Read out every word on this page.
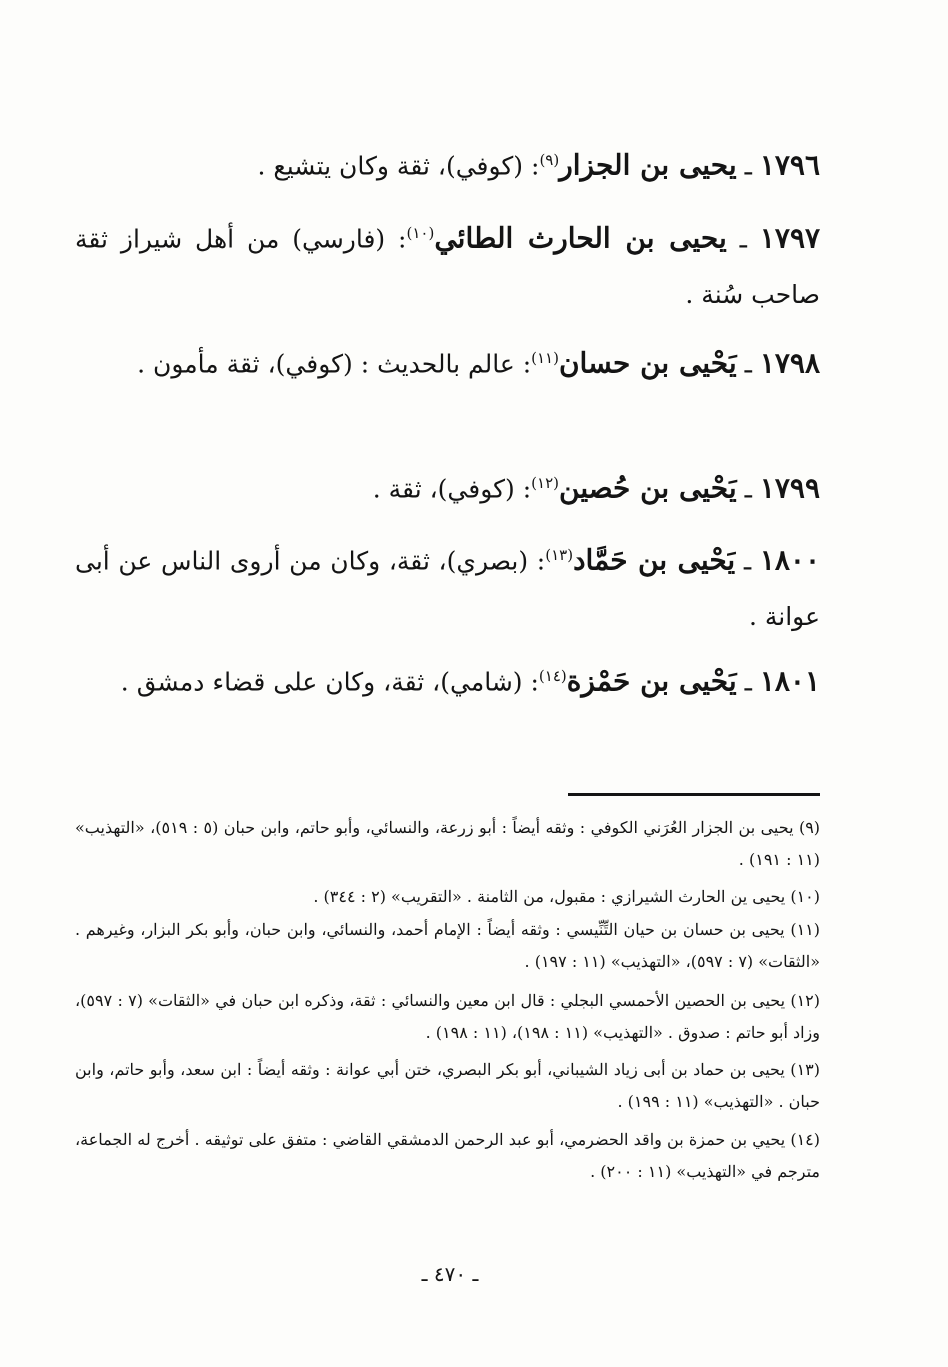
١٧٩٦ ـ يحيى بن الجزار$^{(٩)}$: (كوفي)، ثقة وكان يتشيع .
١٧٩٧ ـ يحيى بن الحارث الطائي$^{(١٠)}$: (فارسي) من أهل شيراز ثقة صاحب سُنة .
١٧٩٨ ـ يَحْيى بن حسان$^{(١١)}$: عالم بالحديث : (كوفي)، ثقة مأمون .
١٧٩٩ ـ يَحْيى بن حُصين$^{(١٢)}$: (كوفي)، ثقة .
١٨٠٠ ـ يَحْيى بن حَمَّاد$^{(١٣)}$: (بصري)، ثقة، وكان من أروى الناس عن أبى عوانة .
١٨٠١ ـ يَحْيى بن حَمْزة$^{(١٤)}$: (شامي)، ثقة، وكان على قضاء دمشق .
(٩) يحيى بن الجزار العُرَني الكوفي : وثقه أيضاً : أبو زرعة، والنسائي، وأبو حاتم، وابن حبان (٥ : ٥١٩)، «التهذيب» (١١ : ١٩١) .
(١٠) يحيى ين الحارث الشيرازي : مقبول، من الثامنة . «التقريب» (٢ : ٣٤٤) .
(١١) يحيى بن حسان بن حيان التِّنِّيسي : وثقه أيضاً : الإمام أحمد، والنسائي، وابن حبان، وأبو بكر البزار، وغيرهم . «الثقات» (٧ : ٥٩٧)، «التهذيب» (١١ : ١٩٧) .
(١٢) يحيى بن الحصين الأحمسي البجلي : قال ابن معين والنسائي : ثقة، وذكره ابن حبان في «الثقات» (٧ : ٥٩٧)، وزاد أبو حاتم : صدوق . «التهذيب» (١١ : ١٩٨)، (١١ : ١٩٨) .
(١٣) يحيى بن حماد بن أبى زياد الشيباني، أبو بكر البصري، ختن أبي عوانة : وثقه أيضاً : ابن سعد، وأبو حاتم، وابن حبان . «التهذيب» (١١ : ١٩٩) .
(١٤) يحيي بن حمزة بن واقد الحضرمي، أبو عبد الرحمن الدمشقي القاضي : متفق على توثيقه . أخرج له الجماعة، مترجم في «التهذيب» (١١ : ٢٠٠) .
ـ ٤٧٠ ـ
